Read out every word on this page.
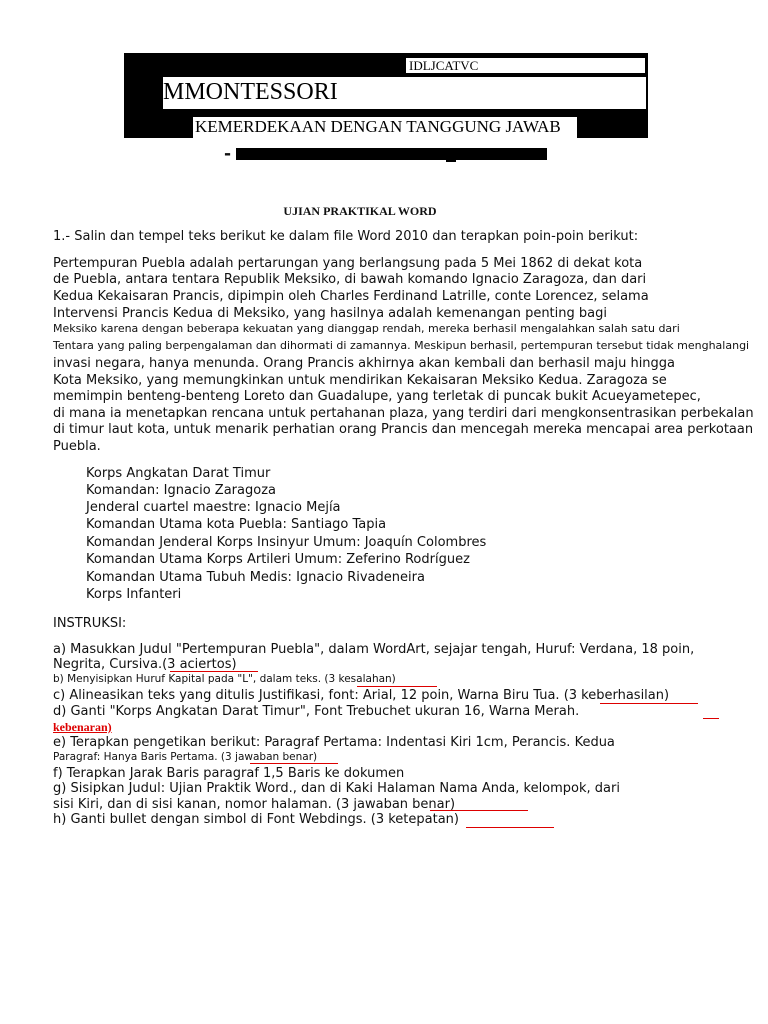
IDLJCATVC
MMONTESSORI
KEMERDEKAAN DENGAN TANGGUNG JAWAB
-
UJIAN PRAKTIKAL WORD
1.- Salin dan tempel teks berikut ke dalam file Word 2010 dan terapkan poin-poin berikut:
Pertempuran Puebla adalah pertarungan yang berlangsung pada 5 Mei 1862 di dekat kota
de Puebla, antara tentara Republik Meksiko, di bawah komando Ignacio Zaragoza, dan dari
Kedua Kekaisaran Prancis, dipimpin oleh Charles Ferdinand Latrille, conte Lorencez, selama
Intervensi Prancis Kedua di Meksiko, yang hasilnya adalah kemenangan penting bagi
Meksiko karena dengan beberapa kekuatan yang dianggap rendah, mereka berhasil mengalahkan salah satu dari
Tentara yang paling berpengalaman dan dihormati di zamannya. Meskipun berhasil, pertempuran tersebut tidak menghalangi
invasi negara, hanya menunda. Orang Prancis akhirnya akan kembali dan berhasil maju hingga
Kota Meksiko, yang memungkinkan untuk mendirikan Kekaisaran Meksiko Kedua. Zaragoza se
memimpin benteng-benteng Loreto dan Guadalupe, yang terletak di puncak bukit Acueyametepec,
di mana ia menetapkan rencana untuk pertahanan plaza, yang terdiri dari mengkonsentrasikan perbekalan
di timur laut kota, untuk menarik perhatian orang Prancis dan mencegah mereka mencapai area perkotaan
Puebla.
Korps Angkatan Darat Timur
Komandan: Ignacio Zaragoza
Jenderal cuartel maestre: Ignacio Mejía
Komandan Utama kota Puebla: Santiago Tapia
Komandan Jenderal Korps Insinyur Umum: Joaquín Colombres
Komandan Utama Korps Artileri Umum: Zeferino Rodríguez
Komandan Utama Tubuh Medis: Ignacio Rivadeneira
Korps Infanteri
INSTRUKSI:
a) Masukkan Judul "Pertempuran Puebla", dalam WordArt, sejajar tengah, Huruf: Verdana, 18 poin,
Negrita, Cursiva.(3 aciertos)
b) Menyisipkan Huruf Kapital pada "L", dalam teks. (3 kesalahan)
c) Alineasikan teks yang ditulis Justifikasi, font: Arial, 12 poin, Warna Biru Tua. (3 keberhasilan)
d) Ganti "Korps Angkatan Darat Timur", Font Trebuchet ukuran 16, Warna Merah.
e) Terapkan pengetikan berikut: Paragraf Pertama: Indentasi Kiri 1cm, Perancis. Kedua
Paragraf: Hanya Baris Pertama. (3 jawaban benar)
f) Terapkan Jarak Baris paragraf 1,5 Baris ke dokumen
g) Sisipkan Judul: Ujian Praktik Word., dan di Kaki Halaman Nama Anda, kelompok, dari
sisi Kiri, dan di sisi kanan, nomor halaman. (3 jawaban benar)
h) Ganti bullet dengan simbol di Font Webdings. (3 ketepatan)
kebenaran)
